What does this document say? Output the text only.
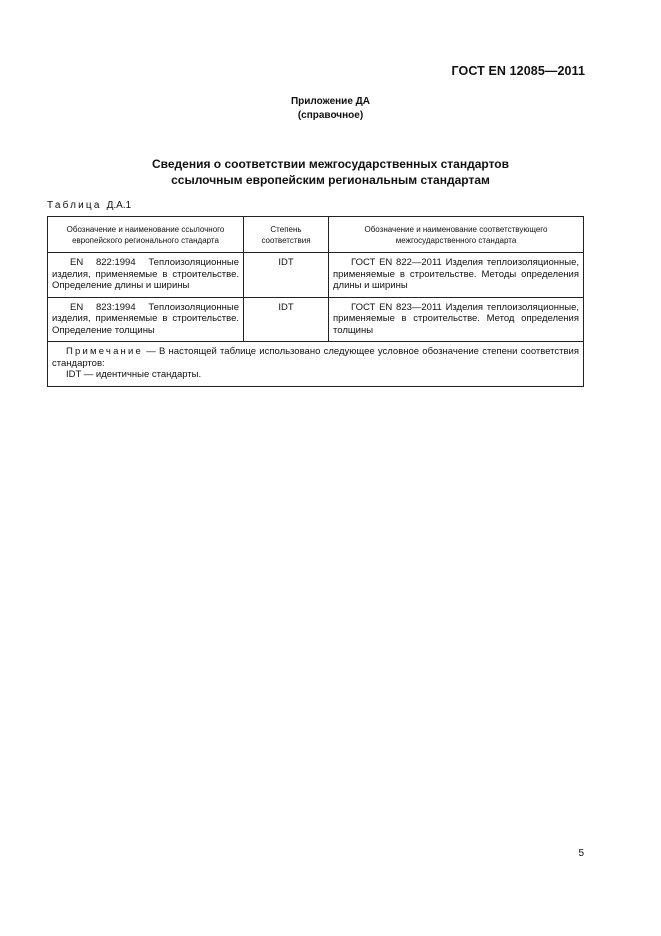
ГОСТ EN 12085—2011
Приложение ДА
(справочное)
Сведения о соответствии межгосударственных стандартов
ссылочным европейским региональным стандартам
Таблица Д.А.1
Обозначение и наименование ссылочного европейского регионального стандарта	Степень соответствия	Обозначение и наименование соответствующего межгосударственного стандарта
EN 822:1994 Теплоизоляционные изделия, применяемые в строительстве. Определение длины и ширины	IDT	ГОСТ EN 822—2011 Изделия теплоизоляционные, применяемые в строительстве. Методы определения длины и ширины
EN 823:1994 Теплоизоляционные изделия, применяемые в строительстве. Определение толщины	IDT	ГОСТ EN 823—2011 Изделия теплоизоляционные, применяемые в строительстве. Метод определения толщины

Примечание — В настоящей таблице использовано следующее условное обозначение степени соответствия стандартов:
IDT — идентичные стандарты.		
5
